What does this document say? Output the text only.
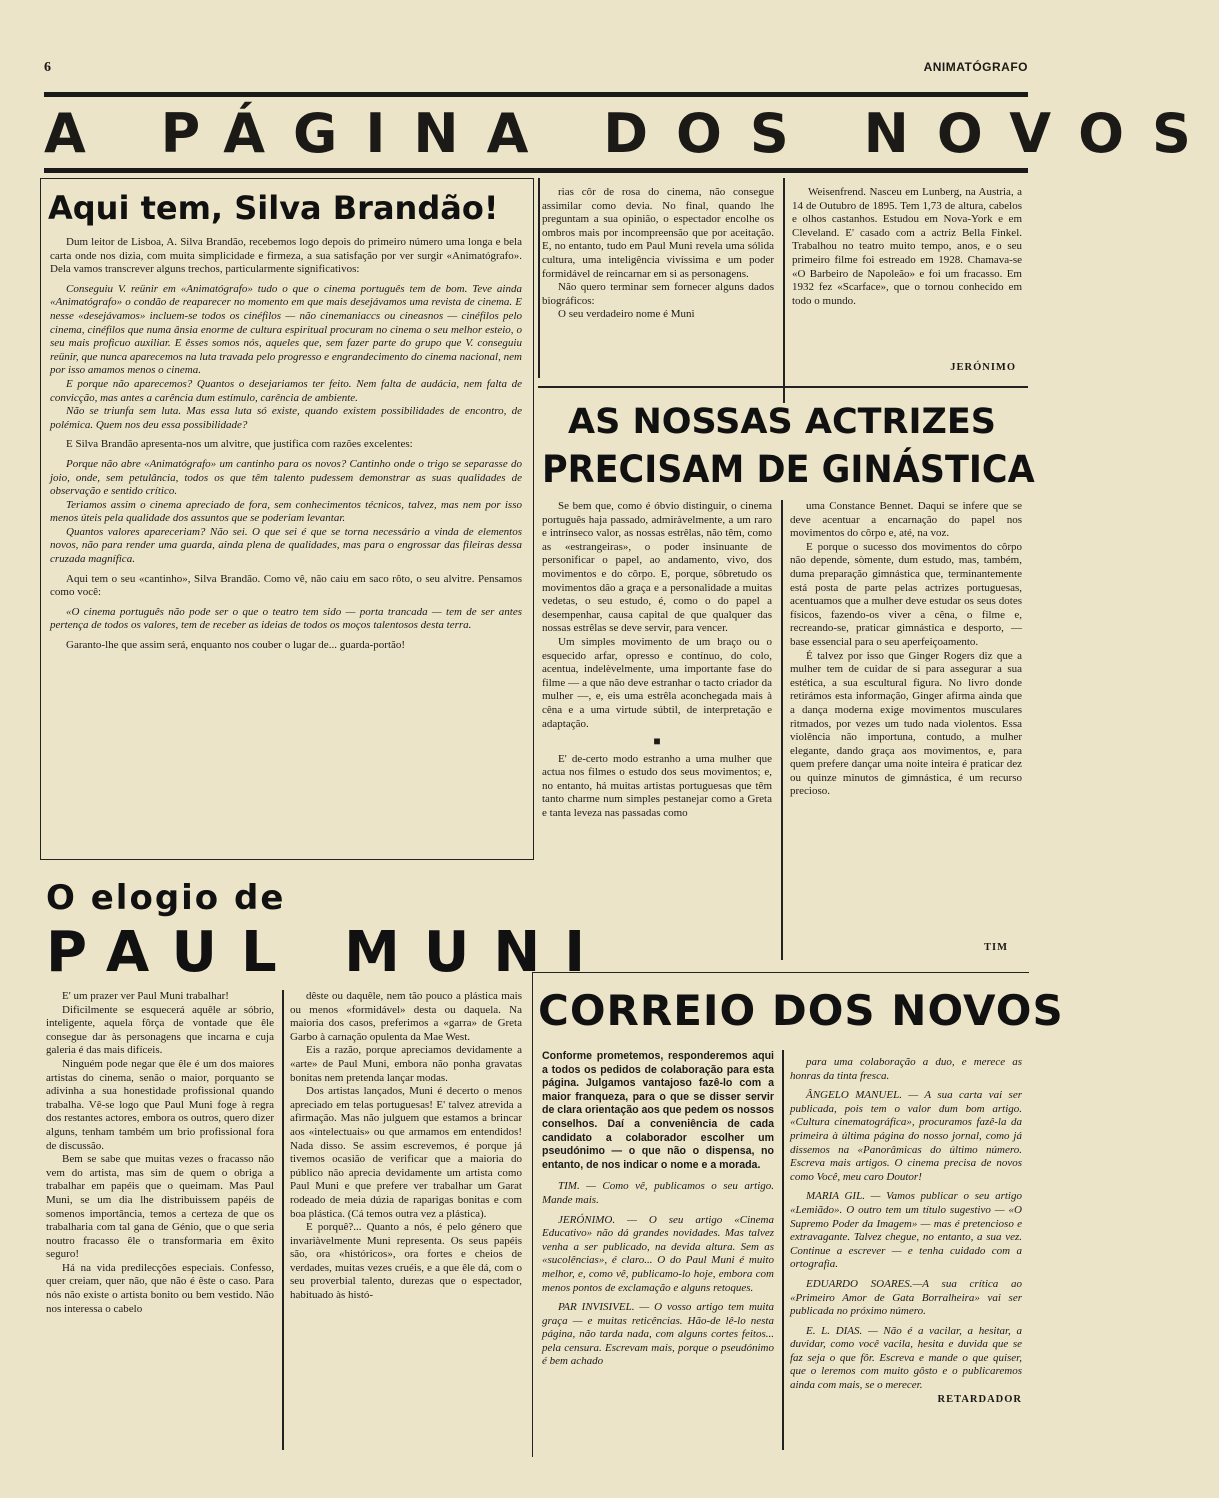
6	ANIMATÓGRAFO
A PÁGINA DOS NOVOS
Aqui tem, Silva Brandão!

Dum leitor de Lisboa, A. Silva Brandão, recebemos logo depois do primeiro número uma longa e bela carta onde nos dizia, com muita simplicidade e firmeza, a sua satisfação por ver surgir «Animatógrafo». Dela vamos transcrever alguns trechos, particularmente significativos:

Conseguiu V. reünir em «Animatógrafo» tudo o que o cinema português tem de bom. Teve ainda «Animatógrafo» o condão de reaparecer no momento em que mais desejávamos uma revista de cinema. E nesse «desejávamos» incluem-se todos os cinéfilos — não cinemaniaccs ou cineasnos — cinéfilos pelo cinema, cinéfilos que numa ânsia enorme de cultura espiritual procuram no cinema o seu melhor esteio, o seu mais proficuo auxiliar. E êsses somos nós, aqueles que, sem fazer parte do grupo que V. conseguiu reünir, que nunca aparecemos na luta travada pelo progresso e engrandecimento do cinema nacional, nem por isso amamos menos o cinema.

E porque não aparecemos? Quantos o desejariamos ter feito. Nem falta de audácia, nem falta de convicção, mas antes a carência dum estímulo, carência de ambiente.

Não se triunfa sem luta. Mas essa luta só existe, quando existem possibilidades de encontro, de polémica. Quem nos deu essa possibilidade?

E Silva Brandão apresenta-nos um alvitre, que justifica com razões excelentes:

Porque não abre «Animatógrafo» um cantinho para os novos? Cantinho onde o trigo se separasse do joio, onde, sem petulância, todos os que têm talento pudessem demonstrar as suas qualidades de observação e sentido crítico.

Teriamos assim o cinema apreciado de fora, sem conhecimentos técnicos, talvez, mas nem por isso menos úteis pela qualidade dos assuntos que se poderiam levantar.

Quantos valores apareceriam? Não sei. O que sei é que se torna necessário a vinda de elementos novos, não para render uma guarda, ainda plena de qualidades, mas para o engrossar das fileiras dessa cruzada magnífica.

Aqui tem o seu «cantinho», Silva Brandão. Como vê, não caiu em saco rôto, o seu alvitre. Pensamos como você:

«O cinema português não pode ser o que o teatro tem sido — porta trancada — tem de ser antes pertença de todos os valores, tem de receber as ideias de todos os moços talentosos desta terra.

Garanto-lhe que assim será, enquanto nos couber o lugar de... guarda-portão!

O elogio de
PAUL MUNI

E' um prazer ver Paul Muni trabalhar!

Dificilmente se esquecerá aquêle ar sóbrio, inteligente, aquela fôrça de vontade que êle consegue dar às personagens que incarna e cuja galeria é das mais difíceis.

Ninguém pode negar que êle é um dos maiores artistas do cinema, senão o maior, porquanto se adivinha a sua honestidade profissional quando trabalha. Vê-se logo que Paul Muni foge à regra dos restantes actores, embora os outros, quero dizer alguns, tenham também um brio profissional fora de discussão.

Bem se sabe que muitas vezes o fracasso não vem do artista, mas sim de quem o obriga a trabalhar em papéis que o queimam. Mas Paul Muni, se um dia lhe distribuissem papéis de somenos importância, temos a certeza de que os trabalharia com tal gana de Génio, que o que seria noutro fracasso êle o transformaria em êxito seguro!

Há na vida predilecções especiais. Confesso, quer creiam, quer não, que não é êste o caso. Para nós não existe o artista bonito ou bem vestido. Não nos interessa o cabelo

dêste ou daquêle, nem tão pouco a plástica mais ou menos «formidável» desta ou daquela. Na maioria dos casos, preferimos a «garra» de Greta Garbo à carnação opulenta da Mae West.

Eis a razão, porque apreciamos devidamente a «arte» de Paul Muni, embora não ponha gravatas bonitas nem pretenda lançar modas.

Dos artistas lançados, Muni é decerto o menos apreciado em telas portuguesas! E' talvez atrevida a afirmação. Mas não julguem que estamos a brincar aos «intelectuais» ou que armamos em entendidos! Nada disso. Se assim escrevemos, é porque já tivemos ocasião de verificar que a maioria do público não aprecia devidamente um artista como Paul Muni e que prefere ver trabalhar um Garat rodeado de meia dúzia de raparigas bonitas e com boa plástica. (Cá temos outra vez a plástica).

E porquê?... Quanto a nós, é pelo género que invariàvelmente Muni representa. Os seus papéis são, ora «históricos», ora fortes e cheios de verdades, muitas vezes cruéis, e a que êle dá, com o seu proverbial talento, durezas que o espectador, habituado às histó-

rias côr de rosa do cinema, não consegue assimilar como devia. No final, quando lhe preguntam a sua opinião, o espectador encolhe os ombros mais por incompreensão que por aceitação. E, no entanto, tudo em Paul Muni revela uma sólida cultura, uma inteligência vivíssima e um poder formidável de reincarnar em si as personagens.

Não quero terminar sem fornecer alguns dados biográficos:

O seu verdadeiro nome é Muni

Weisenfrend. Nasceu em Lunberg, na Austria, a 14 de Outubro de 1895. Tem 1,73 de altura, cabelos e olhos castanhos. Estudou em Nova-York e em Cleveland. E' casado com a actriz Bella Finkel. Trabalhou no teatro muito tempo, anos, e o seu primeiro filme foi estreado em 1928. Chamava-se «O Barbeiro de Napoleão» e foi um fracasso. Em 1932 fez «Scarface», que o tornou conhecido em todo o mundo.

JERÓNIMO
AS NOSSAS ACTRIZES
PRECISAM DE GINÁSTICA

Se bem que, como é óbvio distinguir, o cinema português haja passado, admiràvelmente, a um raro e intrínseco valor, as nossas estrêlas, não têm, como as «estrangeiras», o poder insinuante de personificar o papel, ao andamento, vivo, dos movimentos e do côrpo. E, porque, sôbretudo os movimentos dão a graça e a personalidade a muitas vedetas, o seu estudo, é, como o do papel a desempenhar, causa capital de que qualquer das nossas estrêlas se deve servir, para vencer.

Um simples movimento de um braço ou o esquecido arfar, opresso e contínuo, do colo, acentua, indelèvelmente, uma importante fase do filme — a que não deve estranhar o tacto criador da mulher —, e, eis uma estrêla aconchegada mais à cêna e a uma virtude súbtil, de interpretação e adaptação.

■

E' de-certo modo estranho a uma mulher que actua nos filmes o estudo dos seus movimentos; e, no entanto, há muitas artistas portuguesas que têm tanto charme num simples pestanejar como a Greta e tanta leveza nas passadas como

uma Constance Bennet. Daqui se infere que se deve acentuar a encarnação do papel nos movimentos do côrpo e, até, na voz.

E porque o sucesso dos movimentos do côrpo não depende, sòmente, dum estudo, mas, também, duma preparação gimnástica que, terminantemente está posta de parte pelas actrizes portuguesas, acentuamos que a mulher deve estudar os seus dotes físicos, fazendo-os viver a cêna, o filme e, recreando-se, praticar gimnástica e desporto, — base essencial para o seu aperfeiçoamento.

É talvez por isso que Ginger Rogers diz que a mulher tem de cuidar de si para assegurar a sua estética, a sua escultural figura. No livro donde retirámos esta informação, Ginger afirma ainda que a dança moderna exige movimentos musculares ritmados, por vezes um tudo nada violentos. Essa violência não importuna, contudo, a mulher elegante, dando graça aos movimentos, e, para quem prefere dançar uma noite inteira é praticar dez ou quinze minutos de gimnástica, é um recurso precioso.

TIM
CORREIO DOS NOVOS
Conforme prometemos, responderemos aqui a todos os pedidos de colaboração para esta página. Julgamos vantajoso fazê-lo com a maior franqueza, para o que se disser servir de clara orientação aos que pedem os nossos conselhos. Daí a conveniência de cada candidato a colaborador escolher um pseudónimo — o que não o dispensa, no entanto, de nos indicar o nome e a morada.

TIM. — Como vê, publicamos o seu artigo. Mande mais.

JERÓNIMO. — O seu artigo «Cinema Educativo» não dá grandes novidades. Mas talvez venha a ser publicado, na devida altura. Sem as «sucolências», é claro... O do Paul Muni é muito melhor, e, como vê, publicamo-lo hoje, embora com menos pontos de exclamação e alguns retoques.

PAR INVISIVEL. — O vosso artigo tem muita graça — e muitas reticências. Hão-de lê-lo nesta página, não tarda nada, com alguns cortes feitos... pela censura. Escrevam mais, porque o pseudónimo é bem achado

para uma colaboração a duo, e merece as honras da tinta fresca.

ÂNGELO MANUEL. — A sua carta vai ser publicada, pois tem o valor dum bom artigo. «Cultura cinematográfica», procuramos fazê-la da primeira à última página do nosso jornal, como já dissemos na «Panorâmicas do último número. Escreva mais artigos. O cinema precisa de novos como Você, meu caro Doutor!

MARIA GIL. — Vamos publicar o seu artigo «Lemiãdo». O outro tem um título sugestivo — «O Supremo Poder da Imagem» — mas é pretencioso e extravagante. Talvez chegue, no entanto, a sua vez. Continue a escrever — e tenha cuidado com a ortografia.

EDUARDO SOARES.—A sua crítica ao «Primeiro Amor de Gata Borralheira» vai ser publicada no próximo número.

E. L. DIAS. — Não é a vacilar, a hesitar, a duvidar, como você vacila, hesita e duvida que se faz seja o que fôr. Escreva e mande o que quiser, que o leremos com muito gôsto e o publicaremos ainda com mais, se o merecer.

RETARDADOR
